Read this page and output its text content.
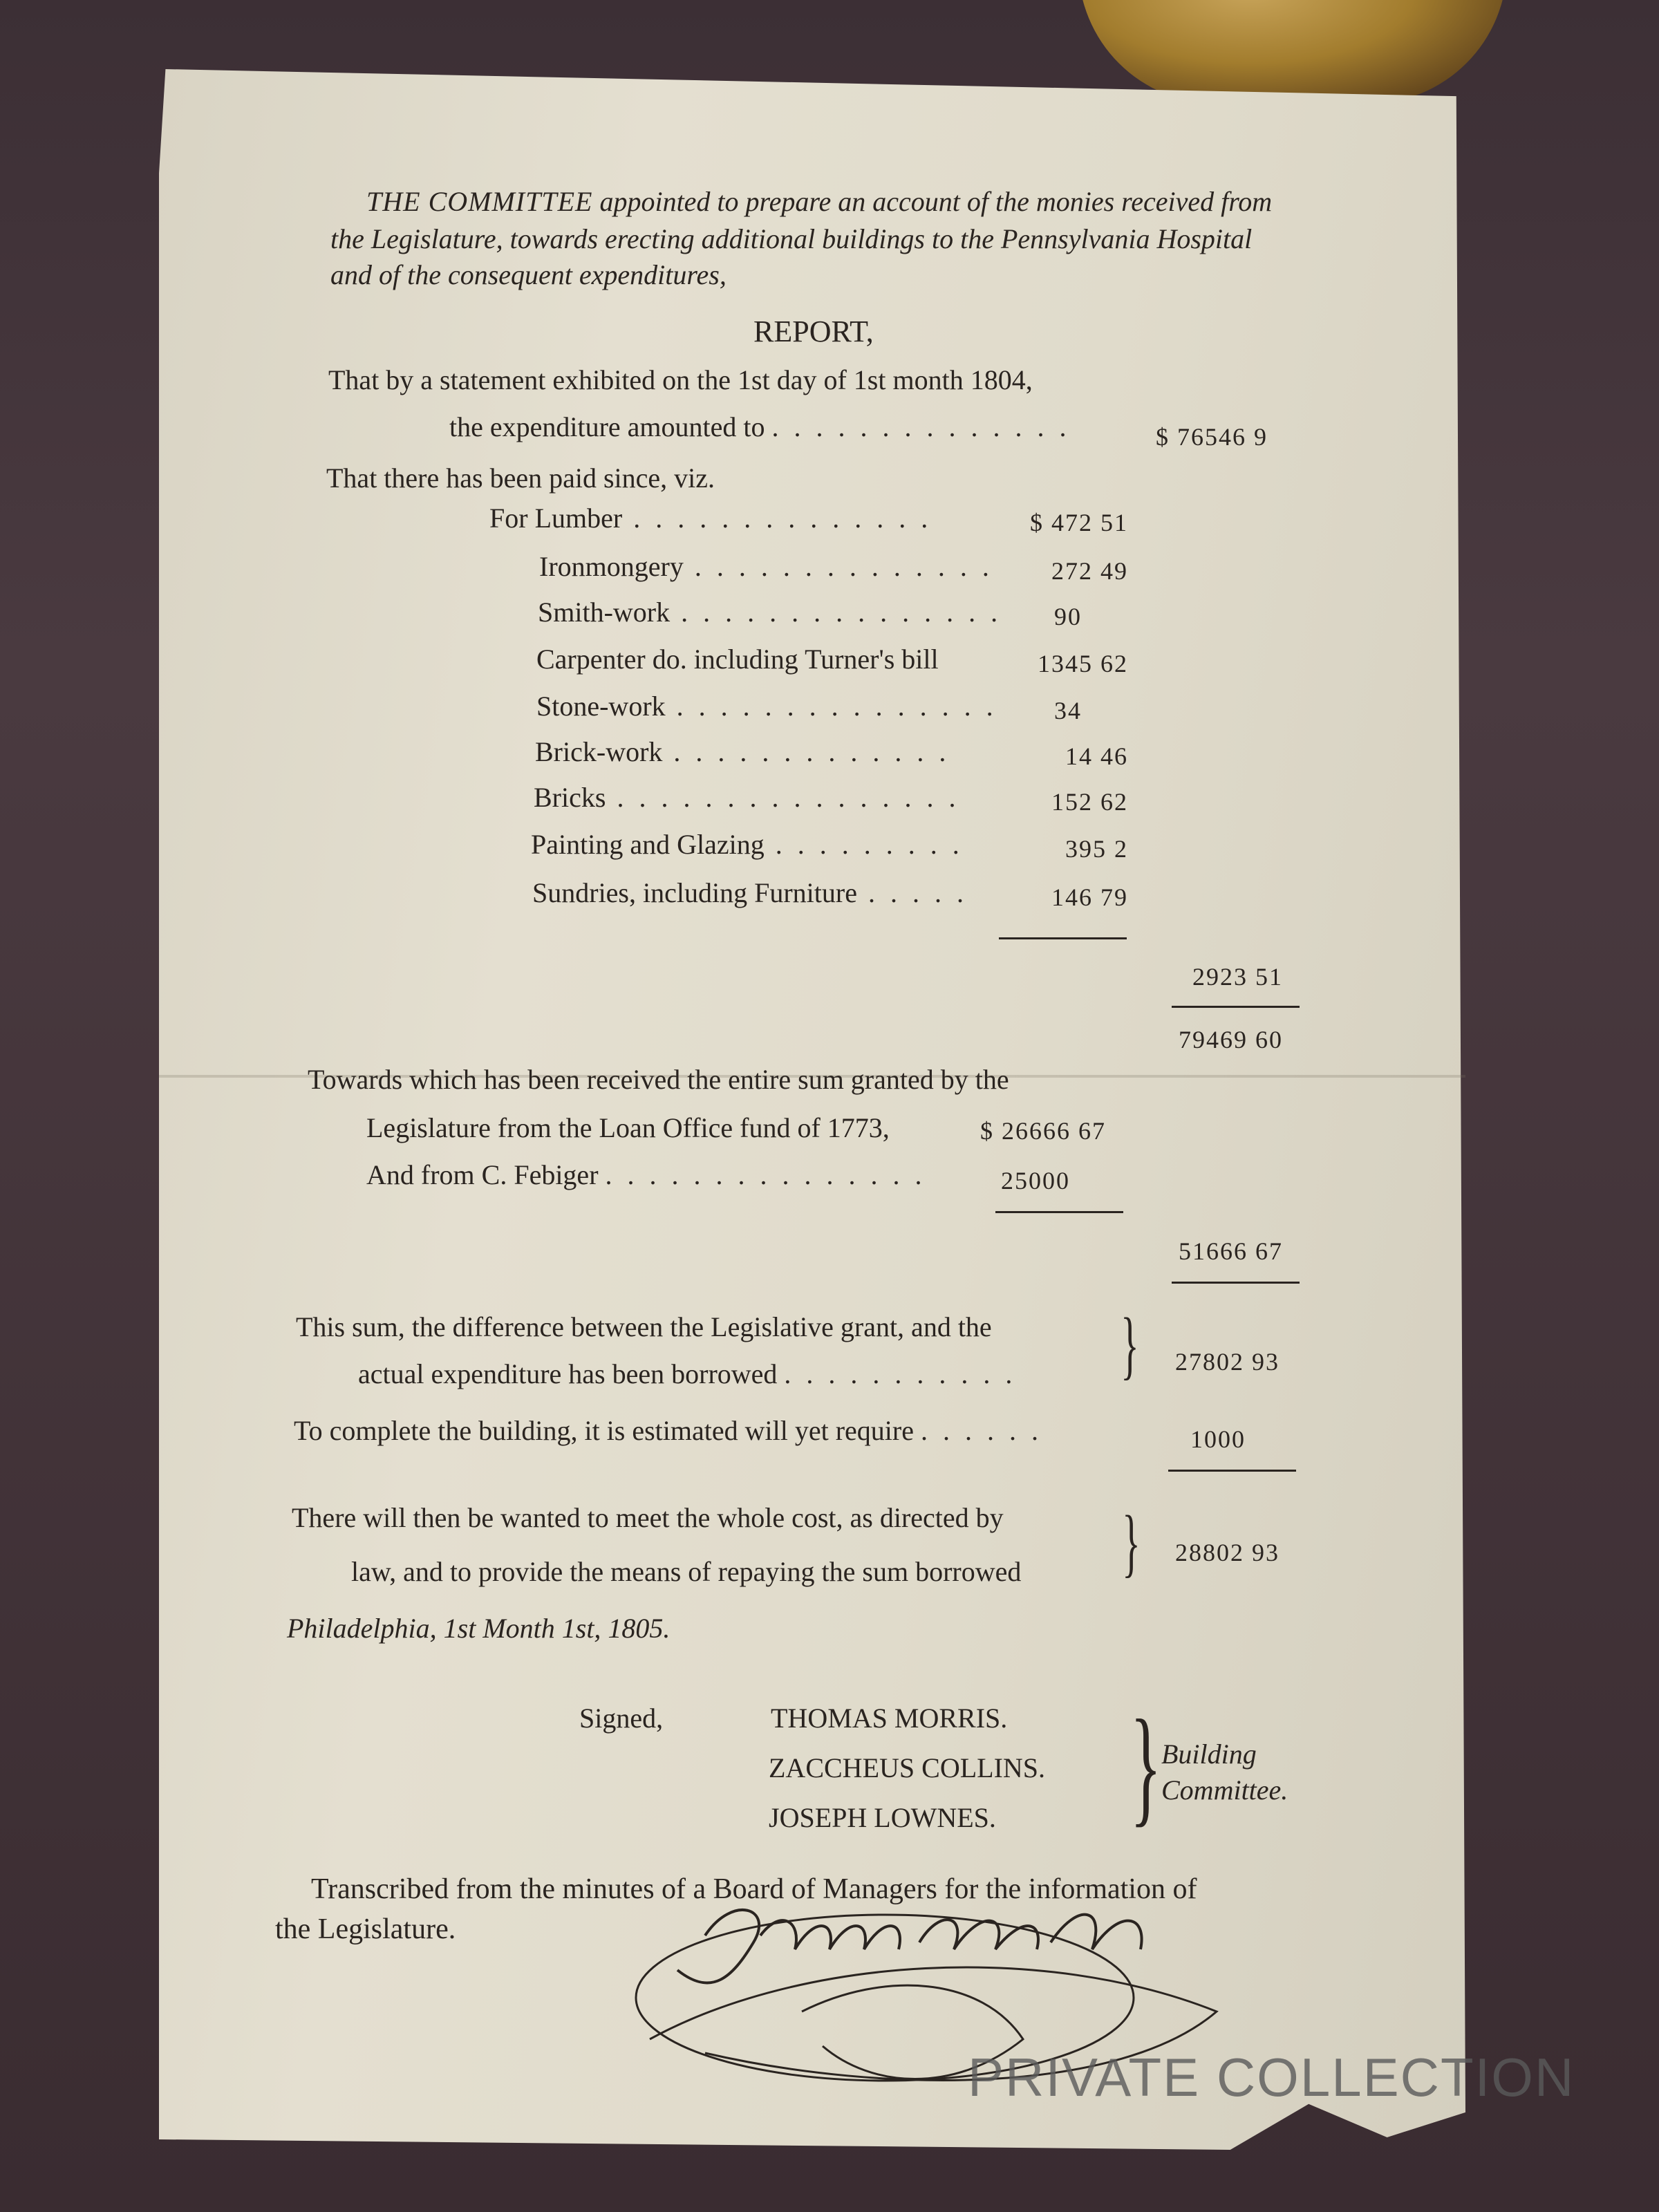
THE COMMITTEE appointed to prepare an account of the monies received from
the Legislature, towards erecting additional buildings to the Pennsylvania Hospital
and of the consequent expenditures,
REPORT,
That by a statement exhibited on the 1st day of 1st month 1804,
the expenditure amounted to . . . . . . . . . . . . . .	$ 76546 9
That there has been paid since, viz.
For Lumber . . . . . . . . . . . . . .	$ 472 51
Ironmongery . . . . . . . . . . . . . . 272 49
Smith-work . . . . . . . . . . . . . . . 90
Carpenter do. including Turner's bill	1345 62
Stone-work . . . . . . . . . . . . . . . 34
Brick-work . . . . . . . . . . . . .	14 46
Bricks . . . . . . . . . . . . . . . .	152 62
Painting and Glazing . . . . . . . . .	395 2
Sundries, including Furniture . . . . .	146 79
2923 51
79469 60
Towards which has been received the entire sum granted by the
Legislature from the Loan Office fund of 1773,	$ 26666 67
And from C. Febiger . . . . . . . . . . . . . . .	25000
51666 67
This sum, the difference between the Legislative grant, and the
actual expenditure has been borrowed . . . . . . . . . . . } 27802 93
To complete the building, it is estimated will yet require . . . . . .	1000
There will then be wanted to meet the whole cost, as directed by
law, and to provide the means of repaying the sum borrowed } 28802 93
Philadelphia, 1st Month 1st, 1805.
Signed,	THOMAS MORRIS.
ZACCHEUS COLLINS.
JOSEPH LOWNES. } Building
Committee.
Transcribed from the minutes of a Board of Managers for the information of
the Legislature.
PRIVATE COLLECTION
